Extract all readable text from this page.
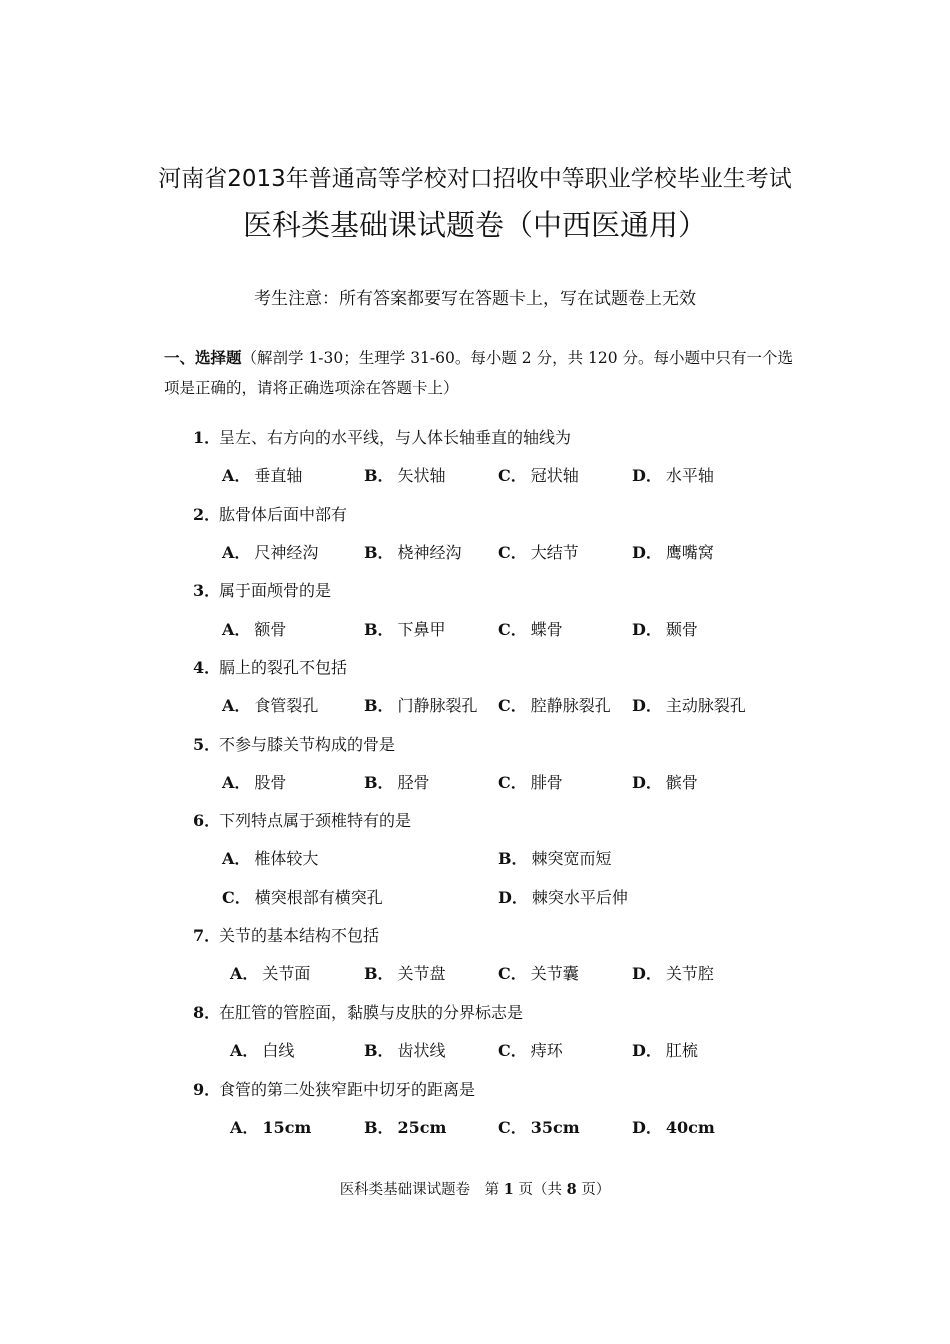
河南省2013年普通高等学校对口招收中等职业学校毕业生考试
医科类基础课试题卷（中西医通用）
考生注意：所有答案都要写在答题卡上，写在试题卷上无效
一、选择题（解剖学 1-30；生理学 31-60。每小题 2 分，共 120 分。每小题中只有一个选项是正确的，请将正确选项涂在答题卡上）
1．呈左、右方向的水平线，与人体长轴垂直的轴线为
A． 垂直轴	B． 矢状轴	C． 冠状轴	D． 水平轴
2．肱骨体后面中部有
A． 尺神经沟	B． 桡神经沟 C． 大结节	D． 鹰嘴窝
3．属于面颅骨的是
A． 额骨	B． 下鼻甲	C． 蝶骨	D． 颞骨
4．膈上的裂孔不包括
A． 食管裂孔	B． 门静脉裂孔 C． 腔静脉裂孔 D． 主动脉裂孔
5．不参与膝关节构成的骨是
A． 股骨	B． 胫骨	C． 腓骨	D． 髌骨
6．下列特点属于颈椎特有的是
A． 椎体较大	B． 棘突宽而短
C． 横突根部有横突孔	D． 棘突水平后伸
7．关节的基本结构不包括
A． 关节面	B． 关节盘	C． 关节囊	D． 关节腔
8．在肛管的管腔面，黏膜与皮肤的分界标志是
A． 白线	B． 齿状线	C． 痔环	D． 肛梳
9．食管的第二处狭窄距中切牙的距离是
A． 15cm	B． 25cm	C． 35cm	D． 40cm
医科类基础课试题卷　第 1 页（共 8 页）
